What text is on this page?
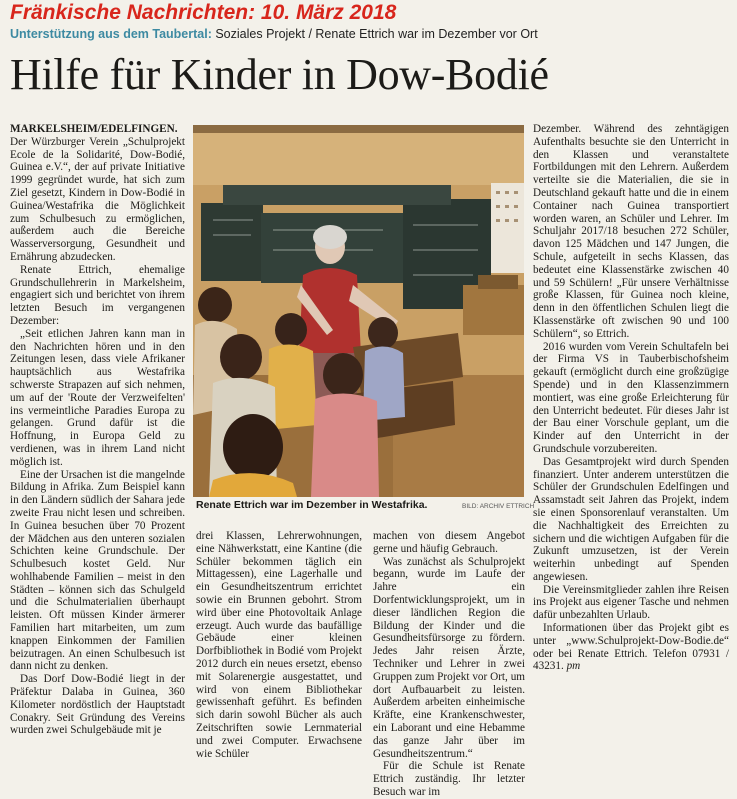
Fränkische Nachrichten: 10. März 2018
Unterstützung aus dem Taubertal: Soziales Projekt / Renate Ettrich war im Dezember vor Ort
Hilfe für Kinder in Dow-Bodié

MARKELSHEIM/EDELFINGEN. Der Würzburger Verein „Schulprojekt Ecole de la Solidarité, Dow-Bodié, Guinea e.V.“, der auf private Initiative 1999 gegründet wurde, hat sich zum Ziel gesetzt, Kindern in Dow-Bodié in Guinea/Westafrika die Möglichkeit zum Schulbesuch zu ermöglichen, außerdem auch die Bereiche Wasserversorgung, Gesundheit und Ernährung abzudecken.

Renate Ettrich, ehemalige Grundschullehrerin in Markelsheim, engagiert sich und berichtet von ihrem letzten Besuch im vergangenen Dezember:

„Seit etlichen Jahren kann man in den Nachrichten hören und in den Zeitungen lesen, dass viele Afrikaner hauptsächlich aus Westafrika schwerste Strapazen auf sich nehmen, um auf der 'Route der Verzweifelten' ins vermeintliche Paradies Europa zu gelangen. Grund dafür ist die Hoffnung, in Europa Geld zu verdienen, was in ihrem Land nicht möglich ist.

Eine der Ursachen ist die mangelnde Bildung in Afrika. Zum Beispiel kann in den Ländern südlich der Sahara jede zweite Frau nicht lesen und schreiben. In Guinea besuchen über 70 Prozent der Mädchen aus den unteren sozialen Schichten keine Grundschule. Der Schulbesuch kostet Geld. Nur wohlhabende Familien – meist in den Städten – können sich das Schulgeld und die Schulmaterialien überhaupt leisten. Oft müssen Kinder ärmerer Familien hart mitarbeiten, um zum knappen Einkommen der Familien beizutragen. An einen Schulbesuch ist dann nicht zu denken.

Das Dorf Dow-Bodié liegt in der Präfektur Dalaba in Guinea, 360 Kilometer nordöstlich der Hauptstadt Conakry. Seit Gründung des Vereins wurden zwei Schulgebäude mit je

Renate Ettrich war im Dezember in Westafrika.	BILD: ARCHIV ETTRICH

drei Klassen, Lehrerwohnungen, eine Nähwerkstatt, eine Kantine (die Schüler bekommen täglich ein Mittagessen), eine Lagerhalle und ein Gesundheitszentrum errichtet sowie ein Brunnen gebohrt. Strom wird über eine Photovoltaik Anlage erzeugt. Auch wurde das baufällige Gebäude einer kleinen Dorfbibliothek in Bodié vom Projekt 2012 durch ein neues ersetzt, ebenso mit Solarenergie ausgestattet, und wird von einem Bibliothekar gewissenhaft geführt. Es befinden sich darin sowohl Bücher als auch Zeitschriften sowie Lernmaterial und zwei Computer. Erwachsene wie Schüler

machen von diesem Angebot gerne und häufig Gebrauch.

Was zunächst als Schulprojekt begann, wurde im Laufe der Jahre ein Dorfentwicklungsprojekt, um in dieser ländlichen Region die Bildung der Kinder und die Gesundheitsfürsorge zu fördern. Jedes Jahr reisen Ärzte, Techniker und Lehrer in zwei Gruppen zum Projekt vor Ort, um dort Aufbauarbeit zu leisten. Außerdem arbeiten einheimische Kräfte, eine Krankenschwester, ein Laborant und eine Hebamme das ganze Jahr über im Gesundheitszentrum.“

Für die Schule ist Renate Ettrich zuständig. Ihr letzter Besuch war im

Dezember. Während des zehntägigen Aufenthalts besuchte sie den Unterricht in den Klassen und veranstaltete Fortbildungen mit den Lehrern. Außerdem verteilte sie die Materialien, die sie in Deutschland gekauft hatte und die in einem Container nach Guinea transportiert worden waren, an Schüler und Lehrer. Im Schuljahr 2017/18 besuchen 272 Schüler, davon 125 Mädchen und 147 Jungen, die Schule, aufgeteilt in sechs Klassen, das bedeutet eine Klassenstärke zwischen 40 und 59 Schülern! „Für unsere Verhältnisse große Klassen, für Guinea noch kleine, denn in den öffentlichen Schulen liegt die Klassenstärke oft zwischen 90 und 100 Schülern“, so Ettrich.

2016 wurden vom Verein Schultafeln bei der Firma VS in Tauberbischofsheim gekauft (ermöglicht durch eine großzügige Spende) und in den Klassenzimmern montiert, was eine große Erleichterung für den Unterricht bedeutet. Für dieses Jahr ist der Bau einer Vorschule geplant, um die Kinder auf den Unterricht in der Grundschule vorzubereiten.

Das Gesamtprojekt wird durch Spenden finanziert. Unter anderem unterstützen die Schüler der Grundschulen Edelfingen und Assamstadt seit Jahren das Projekt, indem sie einen Sponsorenlauf veranstalten. Um die Nachhaltigkeit des Erreichten zu sichern und die wichtigen Aufgaben für die Zukunft umzusetzen, ist der Verein weiterhin unbedingt auf Spenden angewiesen.

Die Vereinsmitglieder zahlen ihre Reisen ins Projekt aus eigener Tasche und nehmen dafür unbezahlten Urlaub.

Informationen über das Projekt gibt es unter „www.Schulprojekt-Dow-Bodie.de“ oder bei Renate Ettrich. Telefon 07931 / 43231. pm
